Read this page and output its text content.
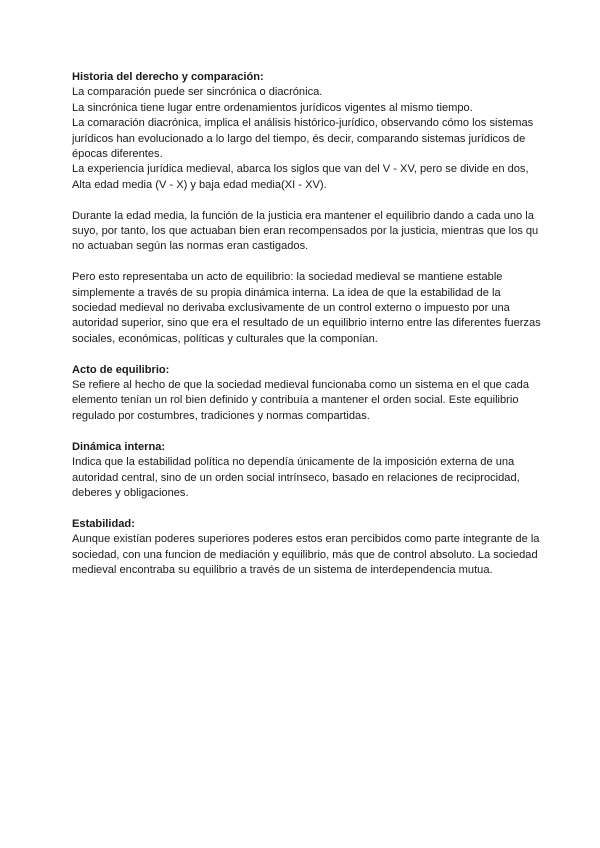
Historia del derecho y comparación:

La comparación puede ser sincrónica o diacrónica.

La sincrónica tiene lugar entre ordenamientos jurídicos vigentes al mismo tiempo.

La comaración diacrónica, implica el análisis histórico-jurídico, observando cómo los sistemas jurídicos han evolucionado a lo largo del tiempo, és decir, comparando sistemas jurídicos de épocas diferentes.

La experiencia jurídica medieval, abarca los siglos que van del V - XV, pero se divide en dos, Alta edad media (V - X) y baja edad media(XI - XV).

Durante la edad media, la función de la justicia era mantener el equilibrio dando a cada uno la suyo, por tanto, los que actuaban bien eran recompensados por la justicia, mientras que los qu no actuaban según las normas eran castigados.

Pero esto representaba un acto de equilibrio: la sociedad medieval se mantiene estable simplemente a través de su propia dinámica interna. La idea de que la estabilidad de la sociedad medieval no derivaba exclusivamente de un control externo o impuesto por una autoridad superior, sino que era el resultado de un equilibrio interno entre las diferentes fuerzas sociales, económicas, políticas y culturales que la componían.

Acto de equilibrio:

Se refiere al hecho de que la sociedad medieval funcionaba como un sistema en el que cada elemento tenían un rol bien definido y contribuía a mantener el orden social. Este equilibrio regulado por costumbres, tradiciones y normas compartidas.

Dinámica interna:

Indica que la estabilidad política no dependía únicamente de la imposición externa de una autoridad central, sino de un orden social intrínseco, basado en relaciones de reciprocidad, deberes y obligaciones.

Estabilidad:

Aunque existían poderes superiores poderes estos eran percibidos como parte integrante de la sociedad, con una funcion de mediación y equilibrio, más que de control absoluto. La sociedad medieval encontraba su equilibrio a través de un sistema de interdependencia mutua.
